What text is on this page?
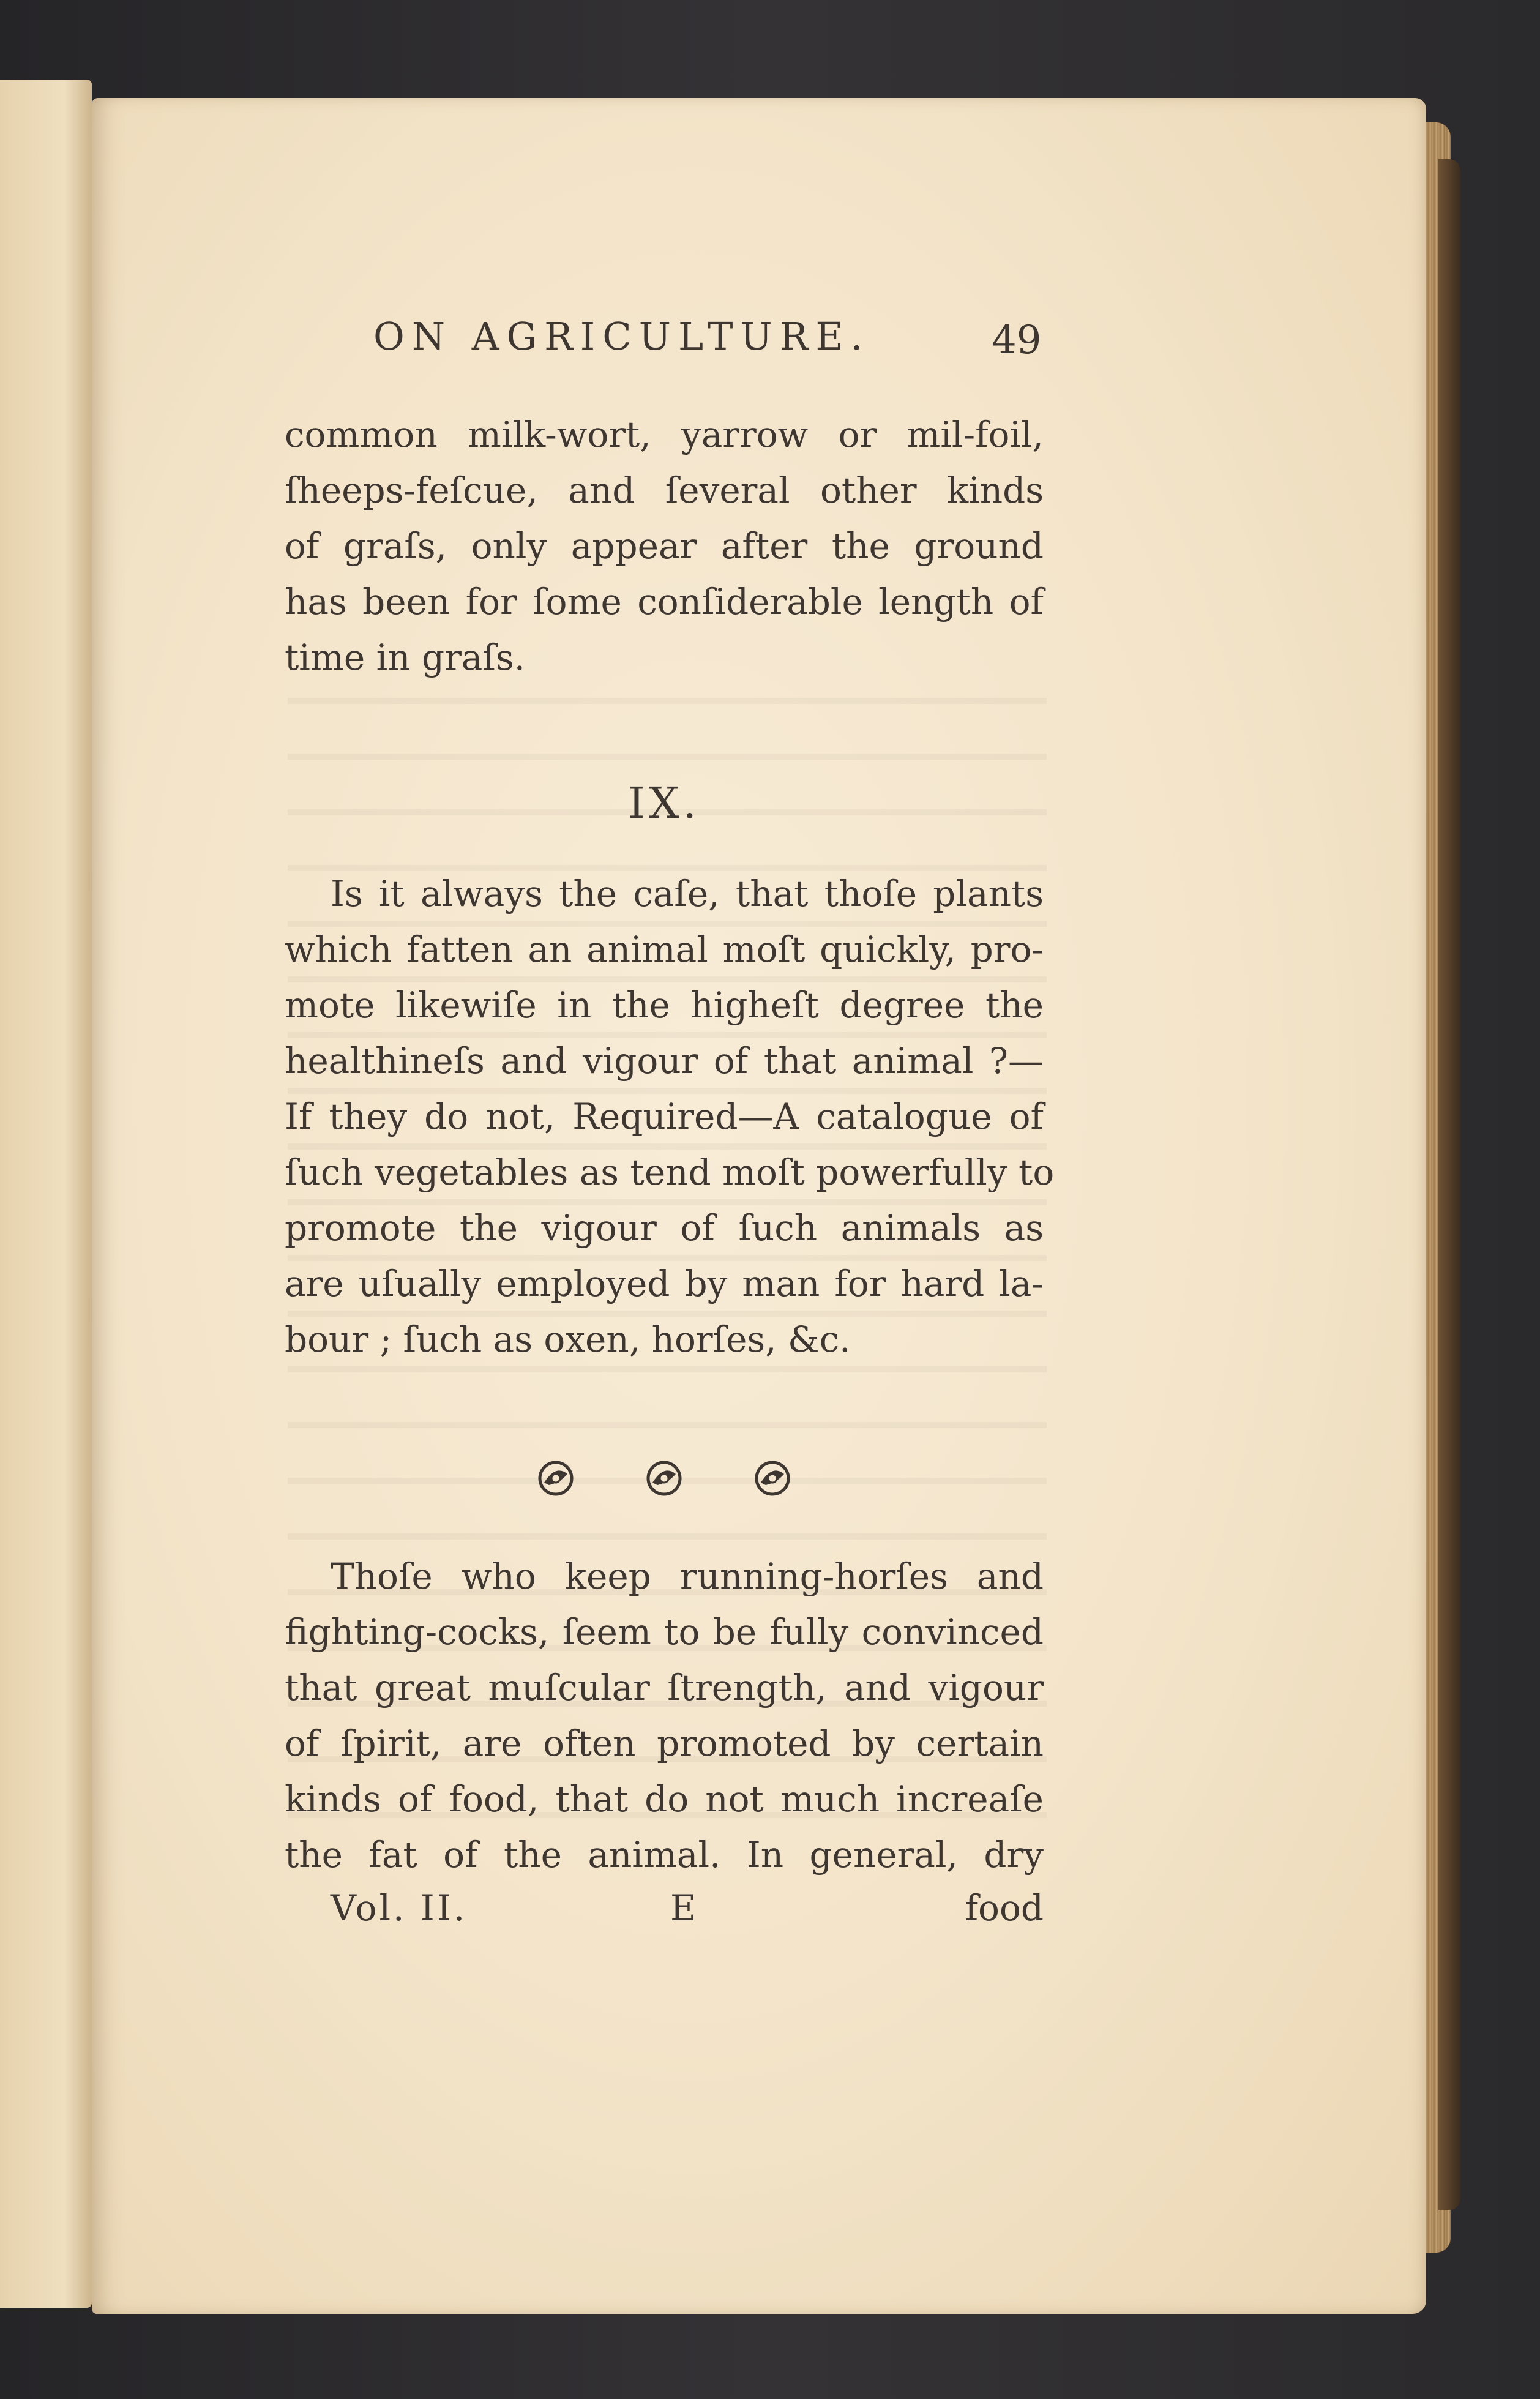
ON AGRICULTURE.	49
common milk-wort, yarrow or mil-foil,
ſheeps-feſcue, and ſeveral other kinds
of graſs, only appear after the ground
has been for ſome conſiderable length of
time in graſs.
IX.
Is it always the caſe, that thoſe plants
which fatten an animal moſt quickly, pro-
mote likewiſe in the higheſt degree the
healthineſs and vigour of that animal ?—
If they do not, Required—A catalogue of
ſuch vegetables as tend moſt powerfully to
promote the vigour of ſuch animals as
are uſually employed by man for hard la-
bour ; ſuch as oxen, horſes, &c.
Thoſe who keep running-horſes and
fighting-cocks, ſeem to be fully convinced
that great muſcular ſtrength, and vigour
of ſpirit, are often promoted by certain
kinds of food, that do not much increaſe
the fat of the animal. In general, dry
Vol. II.	E	food
